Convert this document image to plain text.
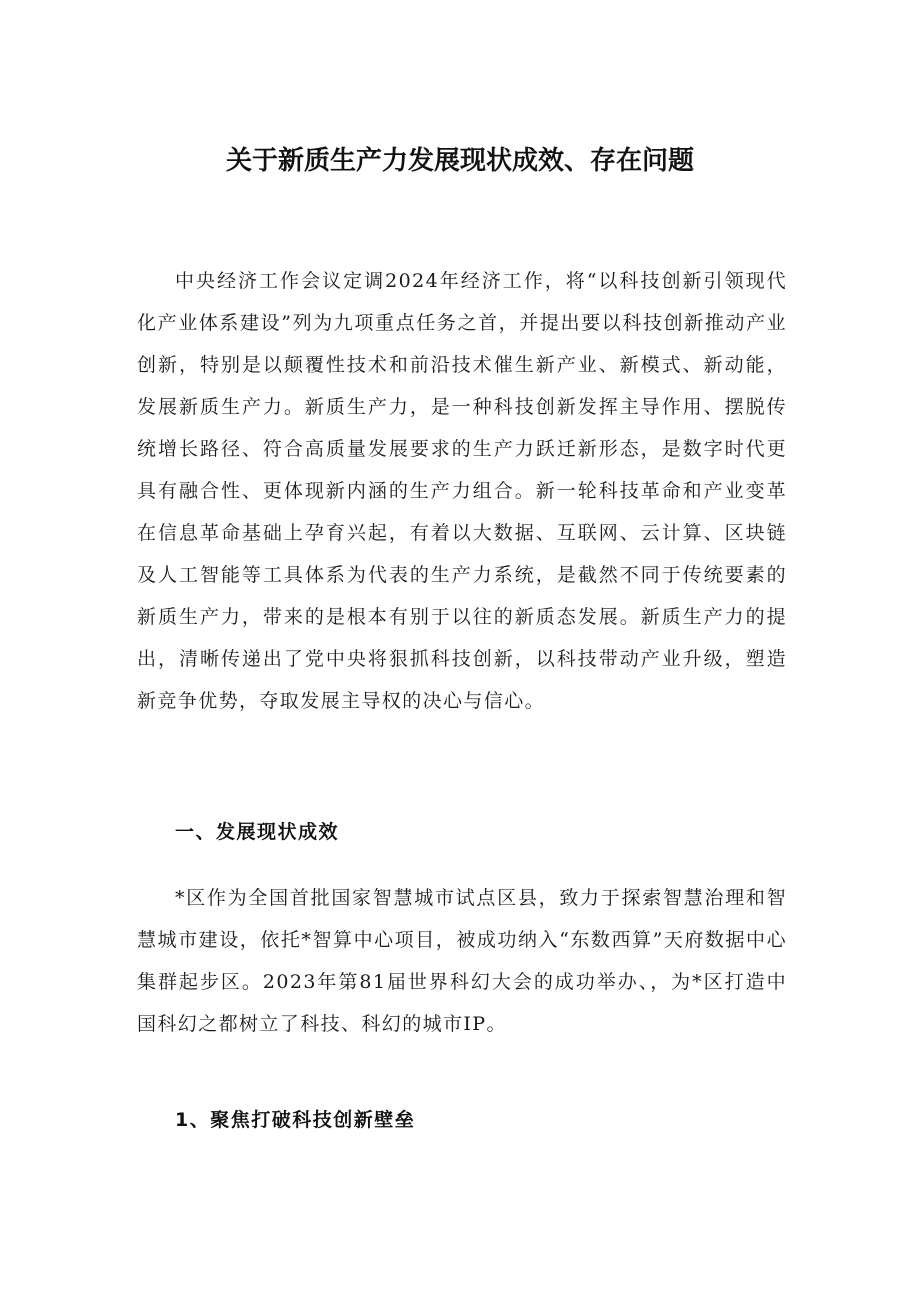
关于新质生产力发展现状成效、存在问题

中央经济工作会议定调2024年经济工作，将“以科技创新引领现代化产业体系建设”列为九项重点任务之首，并提出要以科技创新推动产业创新，特别是以颠覆性技术和前沿技术催生新产业、新模式、新动能，发展新质生产力。新质生产力，是一种科技创新发挥主导作用、摆脱传统增长路径、符合高质量发展要求的生产力跃迁新形态，是数字时代更具有融合性、更体现新内涵的生产力组合。新一轮科技革命和产业变革在信息革命基础上孕育兴起，有着以大数据、互联网、云计算、区块链及人工智能等工具体系为代表的生产力系统，是截然不同于传统要素的新质生产力，带来的是根本有别于以往的新质态发展。新质生产力的提出，清晰传递出了党中央将狠抓科技创新，以科技带动产业升级，塑造新竞争优势，夺取发展主导权的决心与信心。

一、发展现状成效

*区作为全国首批国家智慧城市试点区县，致力于探索智慧治理和智慧城市建设，依托*智算中心项目，被成功纳入“东数西算”天府数据中心集群起步区。2023年第81届世界科幻大会的成功举办、，为*区打造中国科幻之都树立了科技、科幻的城市IP。

1、聚焦打破科技创新壁垒
